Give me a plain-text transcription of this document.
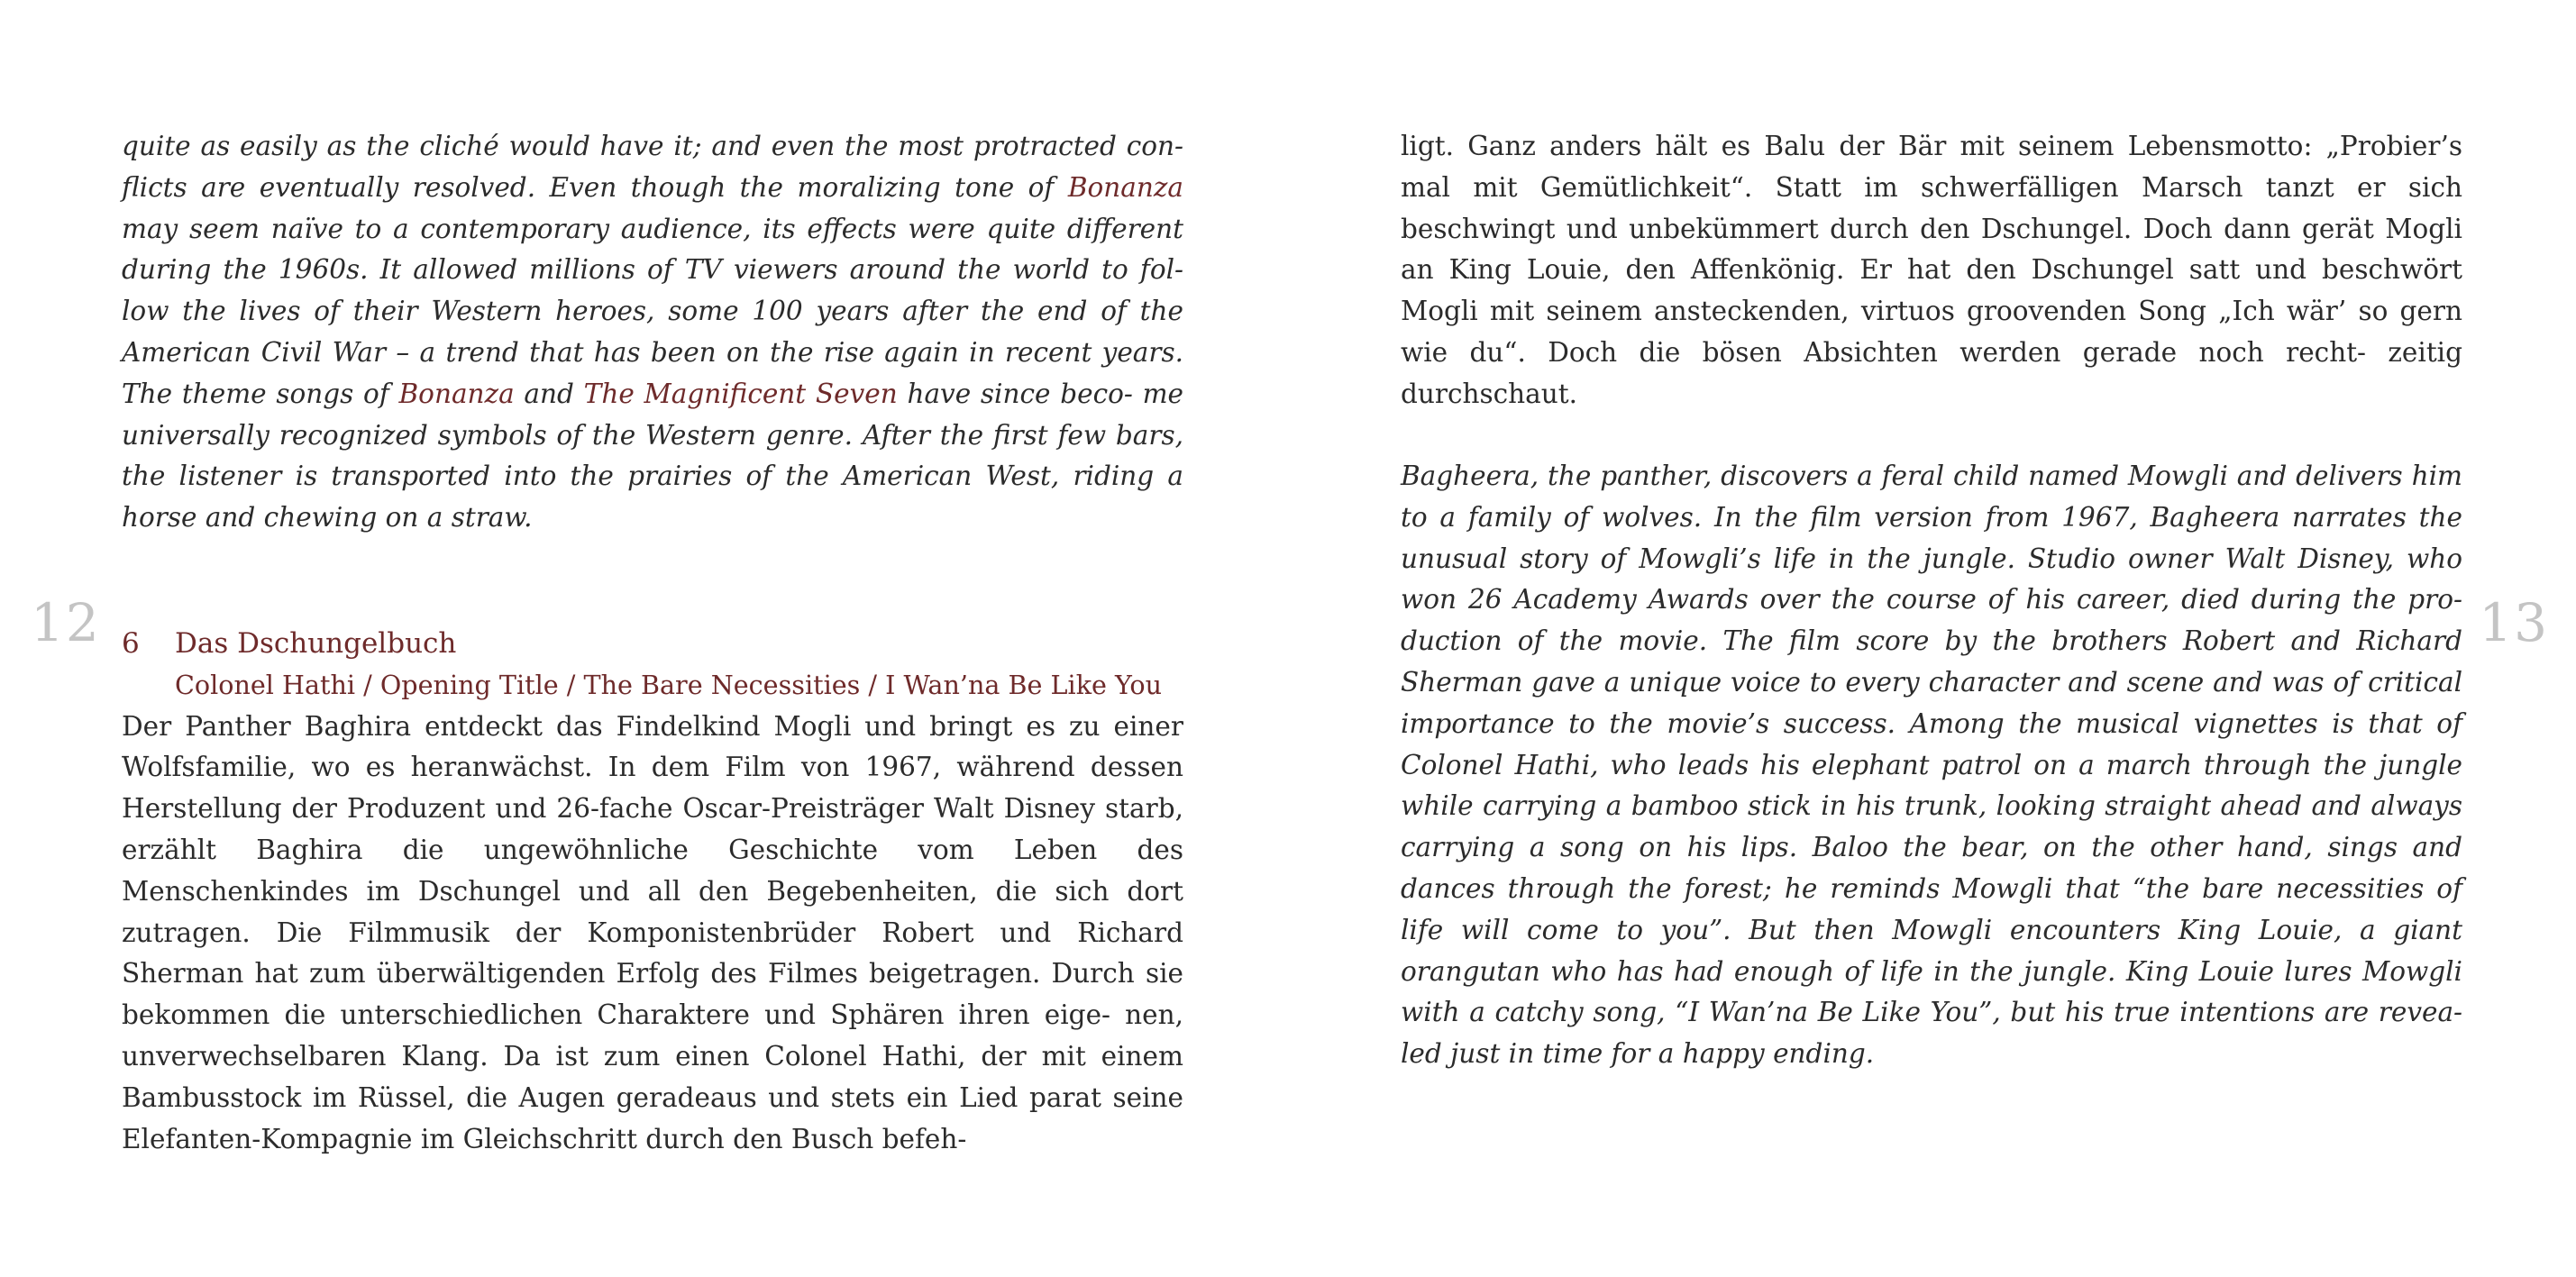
12

quite as easily as the cliché would have it; and even the most protracted con- flicts are eventually resolved. Even though the moralizing tone of Bonanza may seem naïve to a contemporary audience, its effects were quite different during the 1960s. It allowed millions of TV viewers around the world to fol- low the lives of their Western heroes, some 100 years after the end of the American Civil War – a trend that has been on the rise again in recent years. The theme songs of Bonanza and The Magnificent Seven have since beco- me universally recognized symbols of the Western genre. After the first few bars, the listener is transported into the prairies of the American West, riding a horse and chewing on a straw.

6 Das Dschungelbuch
Colonel Hathi / Opening Title / The Bare Necessities / I Wan’na Be Like You

Der Panther Baghira entdeckt das Findelkind Mogli und bringt es zu einer Wolfsfamilie, wo es heranwächst. In dem Film von 1967, während dessen Herstellung der Produzent und 26-fache Oscar-Preisträger Walt Disney starb, erzählt Baghira die ungewöhnliche Geschichte vom Leben des Menschenkindes im Dschungel und all den Begebenheiten, die sich dort zutragen. Die Filmmusik der Komponistenbrüder Robert und Richard Sherman hat zum überwältigenden Erfolg des Filmes beigetragen. Durch sie bekommen die unterschiedlichen Charaktere und Sphären ihren eige- nen, unverwechselbaren Klang. Da ist zum einen Colonel Hathi, der mit einem Bambusstock im Rüssel, die Augen geradeaus und stets ein Lied parat seine Elefanten-Kompagnie im Gleichschritt durch den Busch befeh-

ligt. Ganz anders hält es Balu der Bär mit seinem Lebensmotto: „Probier’s mal mit Gemütlichkeit“. Statt im schwerfälligen Marsch tanzt er sich beschwingt und unbekümmert durch den Dschungel. Doch dann gerät Mogli an King Louie, den Affenkönig. Er hat den Dschungel satt und beschwört Mogli mit seinem ansteckenden, virtuos groovenden Song „Ich wär’ so gern wie du“. Doch die bösen Absichten werden gerade noch recht- zeitig durchschaut.

Bagheera, the panther, discovers a feral child named Mowgli and delivers him to a family of wolves. In the film version from 1967, Bagheera narrates the unusual story of Mowgli’s life in the jungle. Studio owner Walt Disney, who won 26 Academy Awards over the course of his career, died during the pro- duction of the movie. The film score by the brothers Robert and Richard Sherman gave a unique voice to every character and scene and was of critical importance to the movie’s success. Among the musical vignettes is that of Colonel Hathi, who leads his elephant patrol on a march through the jungle while carrying a bamboo stick in his trunk, looking straight ahead and always carrying a song on his lips. Baloo the bear, on the other hand, sings and dances through the forest; he reminds Mowgli that “the bare necessities of life will come to you”. But then Mowgli encounters King Louie, a giant orangutan who has had enough of life in the jungle. King Louie lures Mowgli with a catchy song, “I Wan’na Be Like You”, but his true intentions are revea- led just in time for a happy ending.

13
